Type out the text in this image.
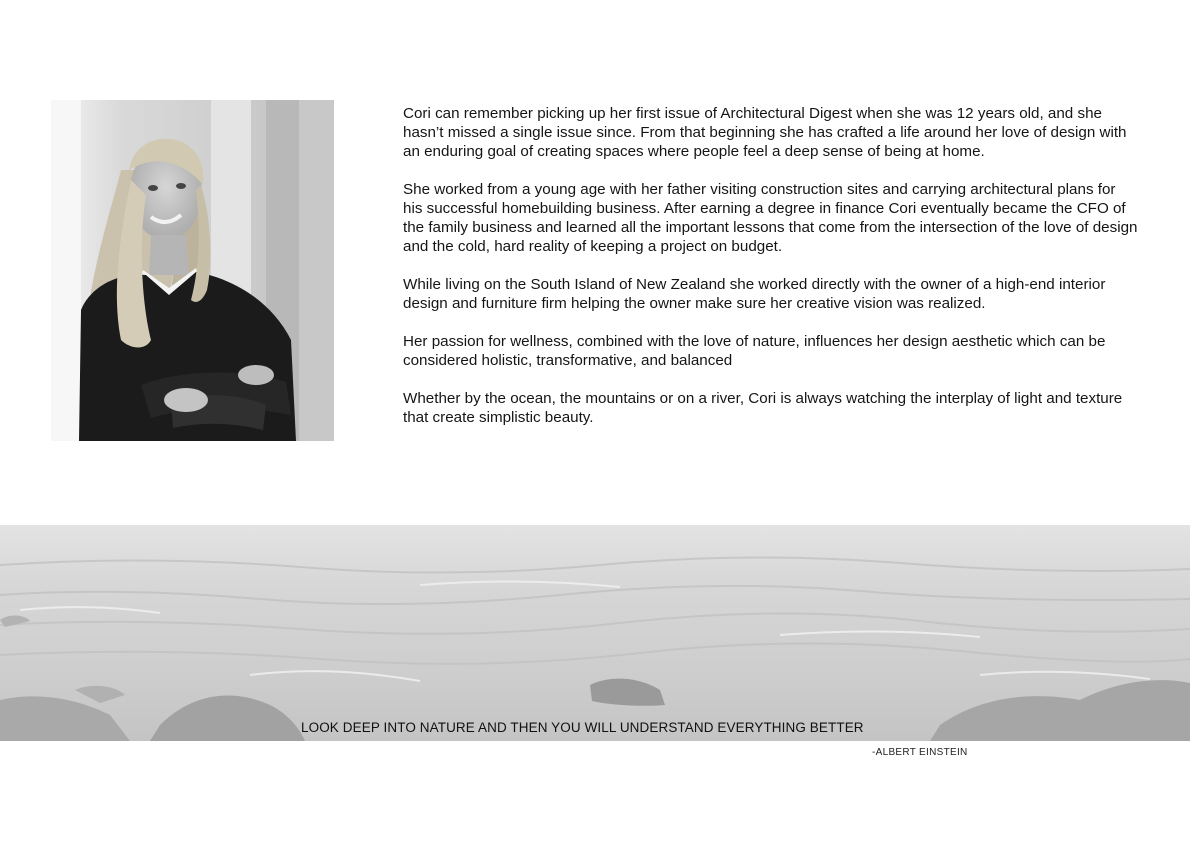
Cori can remember picking up her first issue of Architectural Digest when she was 12 years old, and she hasn’t missed a single issue since. From that beginning she has crafted a life around her love of design with an enduring goal of creating spaces where people feel a deep sense of being at home.

She worked from a young age with her father visiting construction sites and carrying architectural plans for his successful homebuilding business. After earning a degree in finance Cori eventually became the CFO of the family business and learned all the important lessons that come from the intersection of the love of design and the cold, hard reality of keeping a project on budget.

While living on the South Island of New Zealand she worked directly with the owner of a high-end interior design and furniture firm helping the owner make sure her creative vision was realized.

Her passion for wellness, combined with the love of nature, influences her design aesthetic which can be considered holistic, transformative, and balanced

Whether by the ocean, the mountains or on a river, Cori is always watching the interplay of light and texture that create simplistic beauty.

LOOK DEEP INTO NATURE AND THEN YOU WILL UNDERSTAND EVERYTHING BETTER
-ALBERT EINSTEIN
